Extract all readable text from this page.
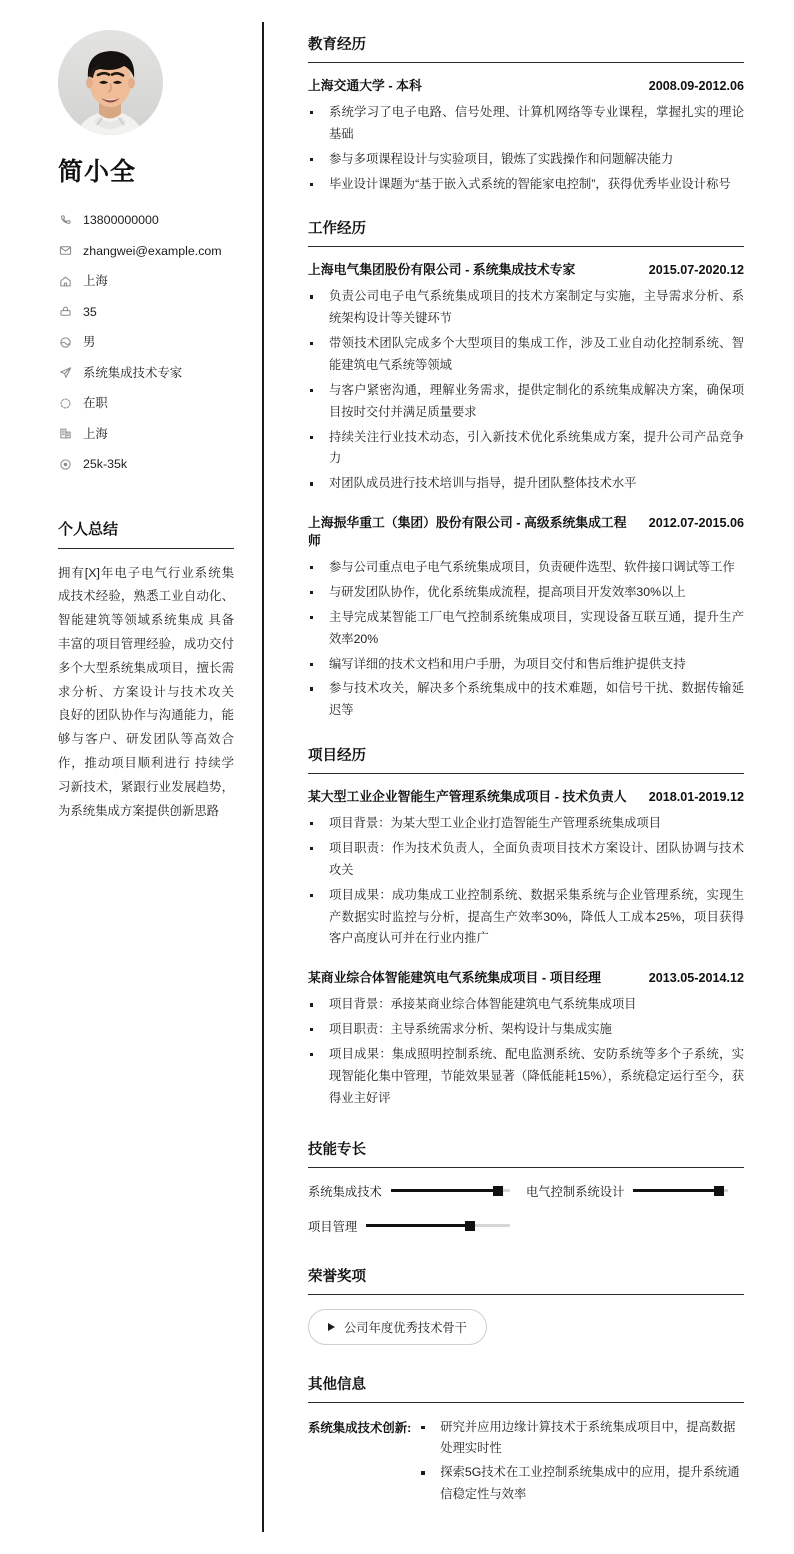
简小全
13800000000
zhangwei@example.com
上海
35
男
系统集成技术专家
在职
上海
25k-35k
个人总结

拥有[X]年电子电气行业系统集成技术经验，熟悉工业自动化、智能建筑等领域系统集成 具备丰富的项目管理经验，成功交付多个大型系统集成项目，擅长需求分析、方案设计与技术攻关 良好的团队协作与沟通能力，能够与客户、研发团队等高效合作，推动项目顺利进行 持续学习新技术，紧跟行业发展趋势，为系统集成方案提供创新思路

教育经历
上海交通大学 - 本科	2008.09-2012.06
系统学习了电子电路、信号处理、计算机网络等专业课程，掌握扎实的理论基础
参与多项课程设计与实验项目，锻炼了实践操作和问题解决能力
毕业设计课题为“基于嵌入式系统的智能家电控制”，获得优秀毕业设计称号
工作经历
上海电气集团股份有限公司 - 系统集成技术专家	2015.07-2020.12
负责公司电子电气系统集成项目的技术方案制定与实施，主导需求分析、系统架构设计等关键环节
带领技术团队完成多个大型项目的集成工作，涉及工业自动化控制系统、智能建筑电气系统等领域
与客户紧密沟通，理解业务需求，提供定制化的系统集成解决方案，确保项目按时交付并满足质量要求
持续关注行业技术动态，引入新技术优化系统集成方案，提升公司产品竞争力
对团队成员进行技术培训与指导，提升团队整体技术水平
上海振华重工（集团）股份有限公司 - 高级系统集成工程师
2012.07-2015.06
参与公司重点电子电气系统集成项目，负责硬件选型、软件接口调试等工作
与研发团队协作，优化系统集成流程，提高项目开发效率30%以上
主导完成某智能工厂电气控制系统集成项目，实现设备互联互通，提升生产效率20%
编写详细的技术文档和用户手册，为项目交付和售后维护提供支持
参与技术攻关，解决多个系统集成中的技术难题，如信号干扰、数据传输延迟等
项目经历
某大型工业企业智能生产管理系统集成项目 - 技术负责人 2018.01-2019.12
项目背景：为某大型工业企业打造智能生产管理系统集成项目
项目职责：作为技术负责人，全面负责项目技术方案设计、团队协调与技术攻关
项目成果：成功集成工业控制系统、数据采集系统与企业管理系统，实现生产数据实时监控与分析，提高生产效率30%，降低人工成本25%，项目获得客户高度认可并在行业内推广
某商业综合体智能建筑电气系统集成项目 - 项目经理	2013.05-2014.12
项目背景：承接某商业综合体智能建筑电气系统集成项目
项目职责：主导系统需求分析、架构设计与集成实施
项目成果：集成照明控制系统、配电监测系统、安防系统等多个子系统，实现智能化集中管理，节能效果显著（降低能耗15%），系统稳定运行至今，获得业主好评
技能专长
系统集成技术	电气控制系统设计
项目管理
荣誉奖项
公司年度优秀技术骨干
其他信息
系统集成技术创新:	研究并应用边缘计算技术于系统集成项目中，提高数据处理实时性
探索5G技术在工业控制系统集成中的应用，提升系统通信稳定性与效率
